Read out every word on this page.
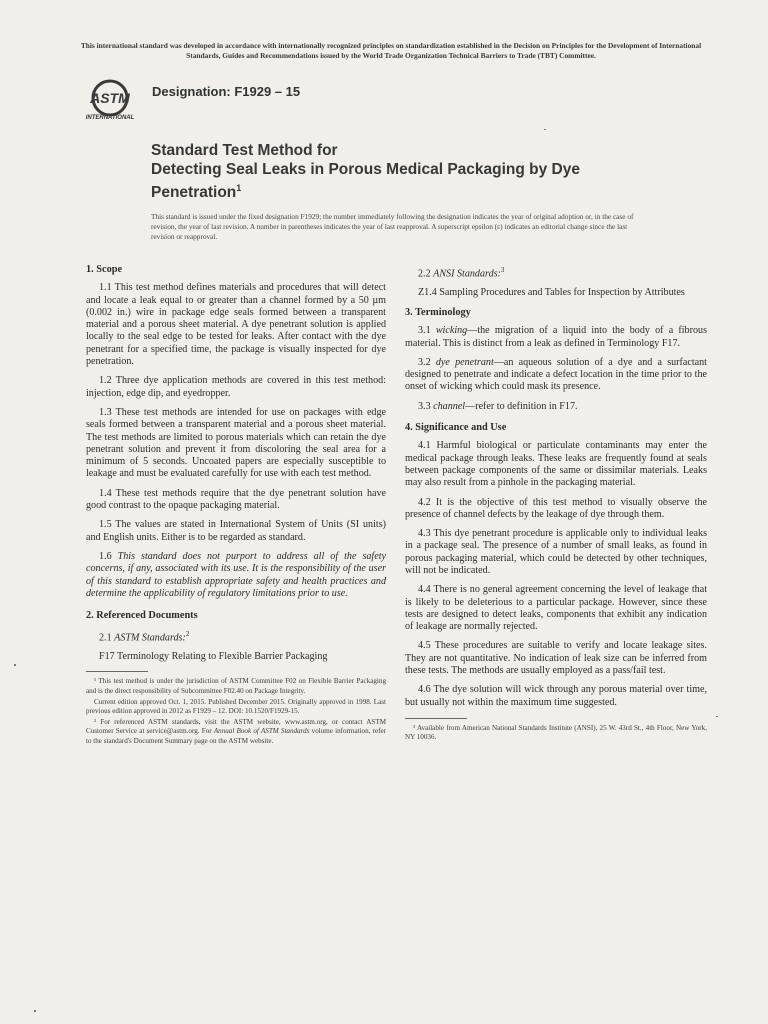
This international standard was developed in accordance with internationally recognized principles on standardization established in the Decision on Principles for the Development of International Standards, Guides and Recommendations issued by the World Trade Organization Technical Barriers to Trade (TBT) Committee.
ASTM
INTERNATIONAL
Designation: F1929 – 15
Standard Test Method for
Detecting Seal Leaks in Porous Medical Packaging by Dye Penetration$^1$
This standard is issued under the fixed designation F1929; the number immediately following the designation indicates the year of original adoption or, in the case of revision, the year of last revision. A number in parentheses indicates the year of last reapproval. A superscript epsilon (ε) indicates an editorial change since the last revision or reapproval.
1. Scope
1.1 This test method defines materials and procedures that will detect and locate a leak equal to or greater than a channel formed by a 50 µm (0.002 in.) wire in package edge seals formed between a transparent material and a porous sheet material. A dye penetrant solution is applied locally to the seal edge to be tested for leaks. After contact with the dye penetrant for a specified time, the package is visually inspected for dye penetration.
1.2 Three dye application methods are covered in this test method: injection, edge dip, and eyedropper.
1.3 These test methods are intended for use on packages with edge seals formed between a transparent material and a porous sheet material. The test methods are limited to porous materials which can retain the dye penetrant solution and prevent it from discoloring the seal area for a minimum of 5 seconds. Uncoated papers are especially susceptible to leakage and must be evaluated carefully for use with each test method.
1.4 These test methods require that the dye penetrant solution have good contrast to the opaque packaging material.
1.5 The values are stated in International System of Units (SI units) and English units. Either is to be regarded as standard.
1.6 This standard does not purport to address all of the safety concerns, if any, associated with its use. It is the responsibility of the user of this standard to establish appropriate safety and health practices and determine the applicability of regulatory limitations prior to use.
2. Referenced Documents
2.1 ASTM Standards:$^2$
F17 Terminology Relating to Flexible Barrier Packaging
¹ This test method is under the jurisdiction of ASTM Committee F02 on Flexible Barrier Packaging and is the direct responsibility of Subcommittee F02.40 on Package Integrity.
Current edition approved Oct. 1, 2015. Published December 2015. Originally approved in 1998. Last previous edition approved in 2012 as F1929 – 12. DOI: 10.1520/F1929-15.
² For referenced ASTM standards, visit the ASTM website, www.astm.org, or contact ASTM Customer Service at service@astm.org. For Annual Book of ASTM Standards volume information, refer to the standard's Document Summary page on the ASTM website.
2.2 ANSI Standards:$^3$
Z1.4 Sampling Procedures and Tables for Inspection by Attributes
3. Terminology
3.1 wicking—the migration of a liquid into the body of a fibrous material. This is distinct from a leak as defined in Terminology F17.
3.2 dye penetrant—an aqueous solution of a dye and a surfactant designed to penetrate and indicate a defect location in the time prior to the onset of wicking which could mask its presence.
3.3 channel—refer to definition in F17.
4. Significance and Use
4.1 Harmful biological or particulate contaminants may enter the medical package through leaks. These leaks are frequently found at seals between package components of the same or dissimilar materials. Leaks may also result from a pinhole in the packaging material.
4.2 It is the objective of this test method to visually observe the presence of channel defects by the leakage of dye through them.
4.3 This dye penetrant procedure is applicable only to individual leaks in a package seal. The presence of a number of small leaks, as found in porous packaging material, which could be detected by other techniques, will not be indicated.
4.4 There is no general agreement concerning the level of leakage that is likely to be deleterious to a particular package. However, since these tests are designed to detect leaks, components that exhibit any indication of leakage are normally rejected.
4.5 These procedures are suitable to verify and locate leakage sites. They are not quantitative. No indication of leak size can be inferred from these tests. The methods are usually employed as a pass/fail test.
4.6 The dye solution will wick through any porous material over time, but usually not within the maximum time suggested.
³ Available from American National Standards Institute (ANSI), 25 W. 43rd St., 4th Floor, New York, NY 10036.
